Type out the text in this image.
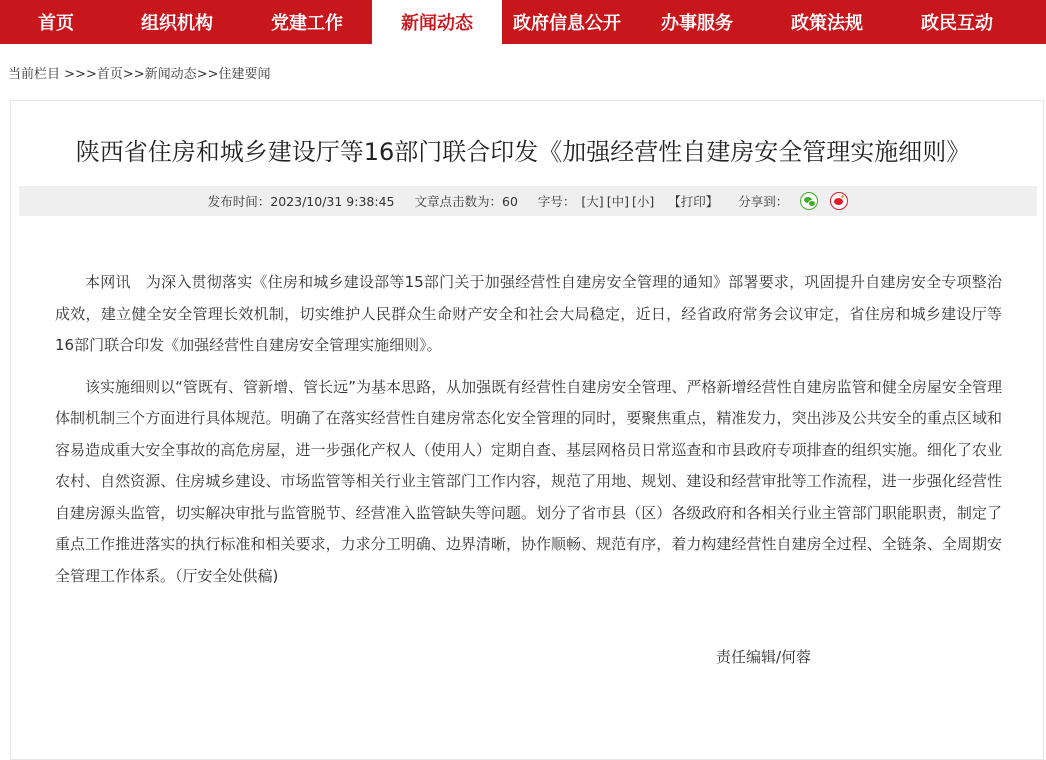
首页	组织机构	党建工作	新闻动态	政府信息公开	办事服务	政策法规	政民互动
当前栏目 >>>首页>>新闻动态>>住建要闻
陕西省住房和城乡建设厅等16部门联合印发《加强经营性自建房安全管理实施细则》
发布时间：2023/10/31 9:38:45 文章点击数为：60 字号： [大] [中] [小] 【打印】 分享到：

本网讯　为深入贯彻落实《住房和城乡建设部等15部门关于加强经营性自建房安全管理的通知》部署要求，巩固提升自建房安全专项整治成效，建立健全安全管理长效机制，切实维护人民群众生命财产安全和社会大局稳定，近日，经省政府常务会议审定，省住房和城乡建设厅等16部门联合印发《加强经营性自建房安全管理实施细则》。

该实施细则以“管既有、管新增、管长远”为基本思路，从加强既有经营性自建房安全管理、严格新增经营性自建房监管和健全房屋安全管理体制机制三个方面进行具体规范。明确了在落实经营性自建房常态化安全管理的同时，要聚焦重点，精准发力，突出涉及公共安全的重点区域和容易造成重大安全事故的高危房屋，进一步强化产权人（使用人）定期自查、基层网格员日常巡查和市县政府专项排查的组织实施。细化了农业农村、自然资源、住房城乡建设、市场监管等相关行业主管部门工作内容，规范了用地、规划、建设和经营审批等工作流程，进一步强化经营性自建房源头监管，切实解决审批与监管脱节、经营准入监管缺失等问题。划分了省市县（区）各级政府和各相关行业主管部门职能职责，制定了重点工作推进落实的执行标准和相关要求，力求分工明确、边界清晰，协作顺畅、规范有序，着力构建经营性自建房全过程、全链条、全周期安全管理工作体系。（厅安全处供稿)

责任编辑/何蓉
